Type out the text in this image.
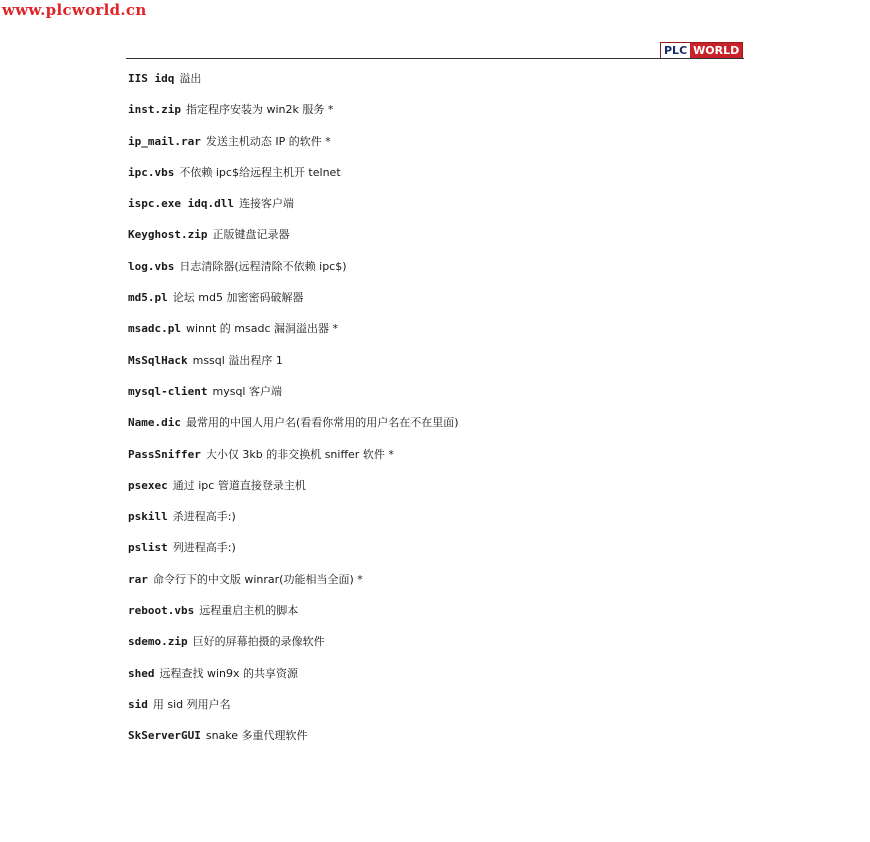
www.plcworld.cn
PLC WORLD
IIS idq 溢出
inst.zip 指定程序安装为 win2k 服务 *
ip_mail.rar 发送主机动态 IP 的软件 *
ipc.vbs 不依赖 ipc$给远程主机开 telnet
ispc.exe idq.dll 连接客户端
Keyghost.zip 正版键盘记录器
log.vbs 日志清除器(远程清除不依赖 ipc$)
md5.pl 论坛 md5 加密密码破解器
msadc.pl winnt 的 msadc 漏洞溢出器 *
MsSqlHack mssql 溢出程序 1
mysql-client mysql 客户端
Name.dic 最常用的中国人用户名(看看你常用的用户名在不在里面)
PassSniffer 大小仅 3kb 的非交换机 sniffer 软件 *
psexec 通过 ipc 管道直接登录主机
pskill 杀进程高手:)
pslist 列进程高手:)
rar 命令行下的中文版 winrar(功能相当全面) *
reboot.vbs 远程重启主机的脚本
sdemo.zip 巨好的屏幕拍摄的录像软件
shed 远程查找 win9x 的共享资源
sid 用 sid 列用户名
SkServerGUI snake 多重代理软件
